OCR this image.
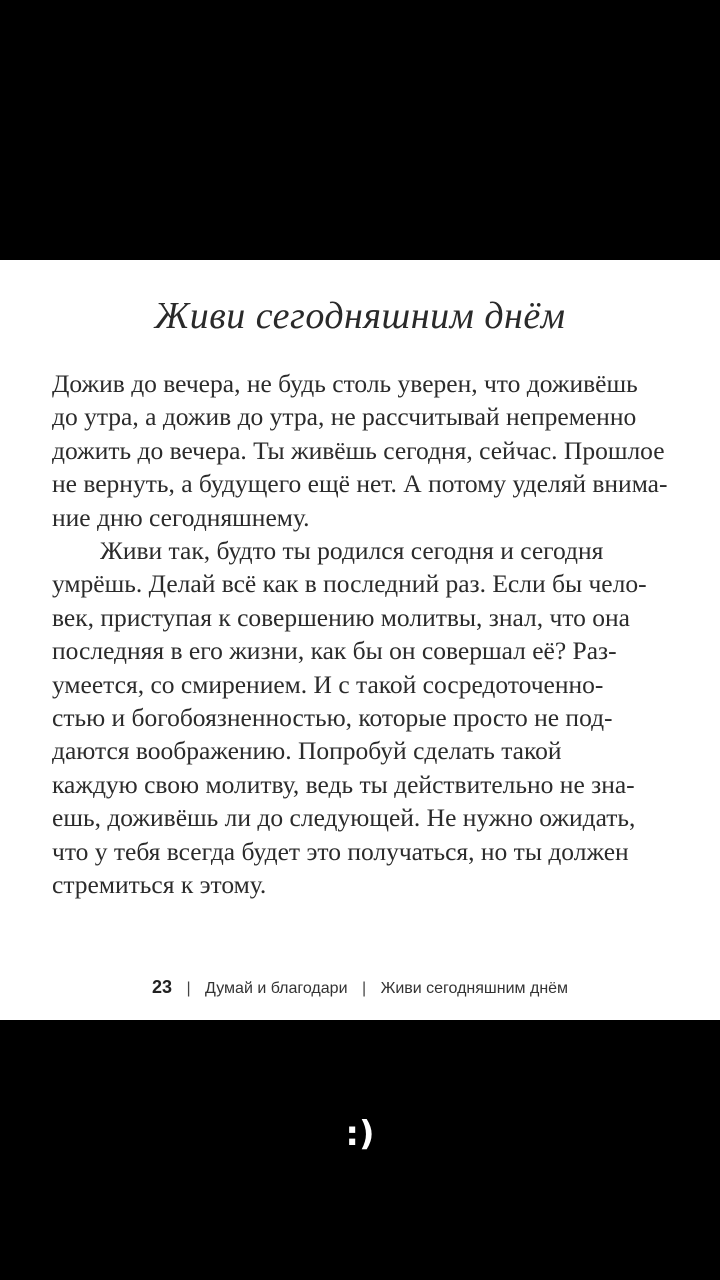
Живи сегодняшним днём
Дожив до вечера, не будь столь уверен, что доживёшь
до утра, а дожив до утра, не рассчитывай непременно
дожить до вечера. Ты живёшь сегодня, сейчас. Прошлое
не вернуть, а будущего ещё нет. А потому уделяй внима-
ние дню сегодняшнему.
Живи так, будто ты родился сегодня и сегодня
умрёшь. Делай всё как в последний раз. Если бы чело-
век, приступая к совершению молитвы, знал, что она
последняя в его жизни, как бы он совершал её? Раз-
умеется, со смирением. И с такой сосредоточенно-
стью и богобоязненностью, которые просто не под-
даются воображению. Попробуй сделать такой
каждую свою молитву, ведь ты действительно не зна-
ешь, доживёшь ли до следующей. Не нужно ожидать,
что у тебя всегда будет это получаться, но ты должен
стремиться к этому.
23 | Думай и благодари | Живи сегодняшним днём
:)
